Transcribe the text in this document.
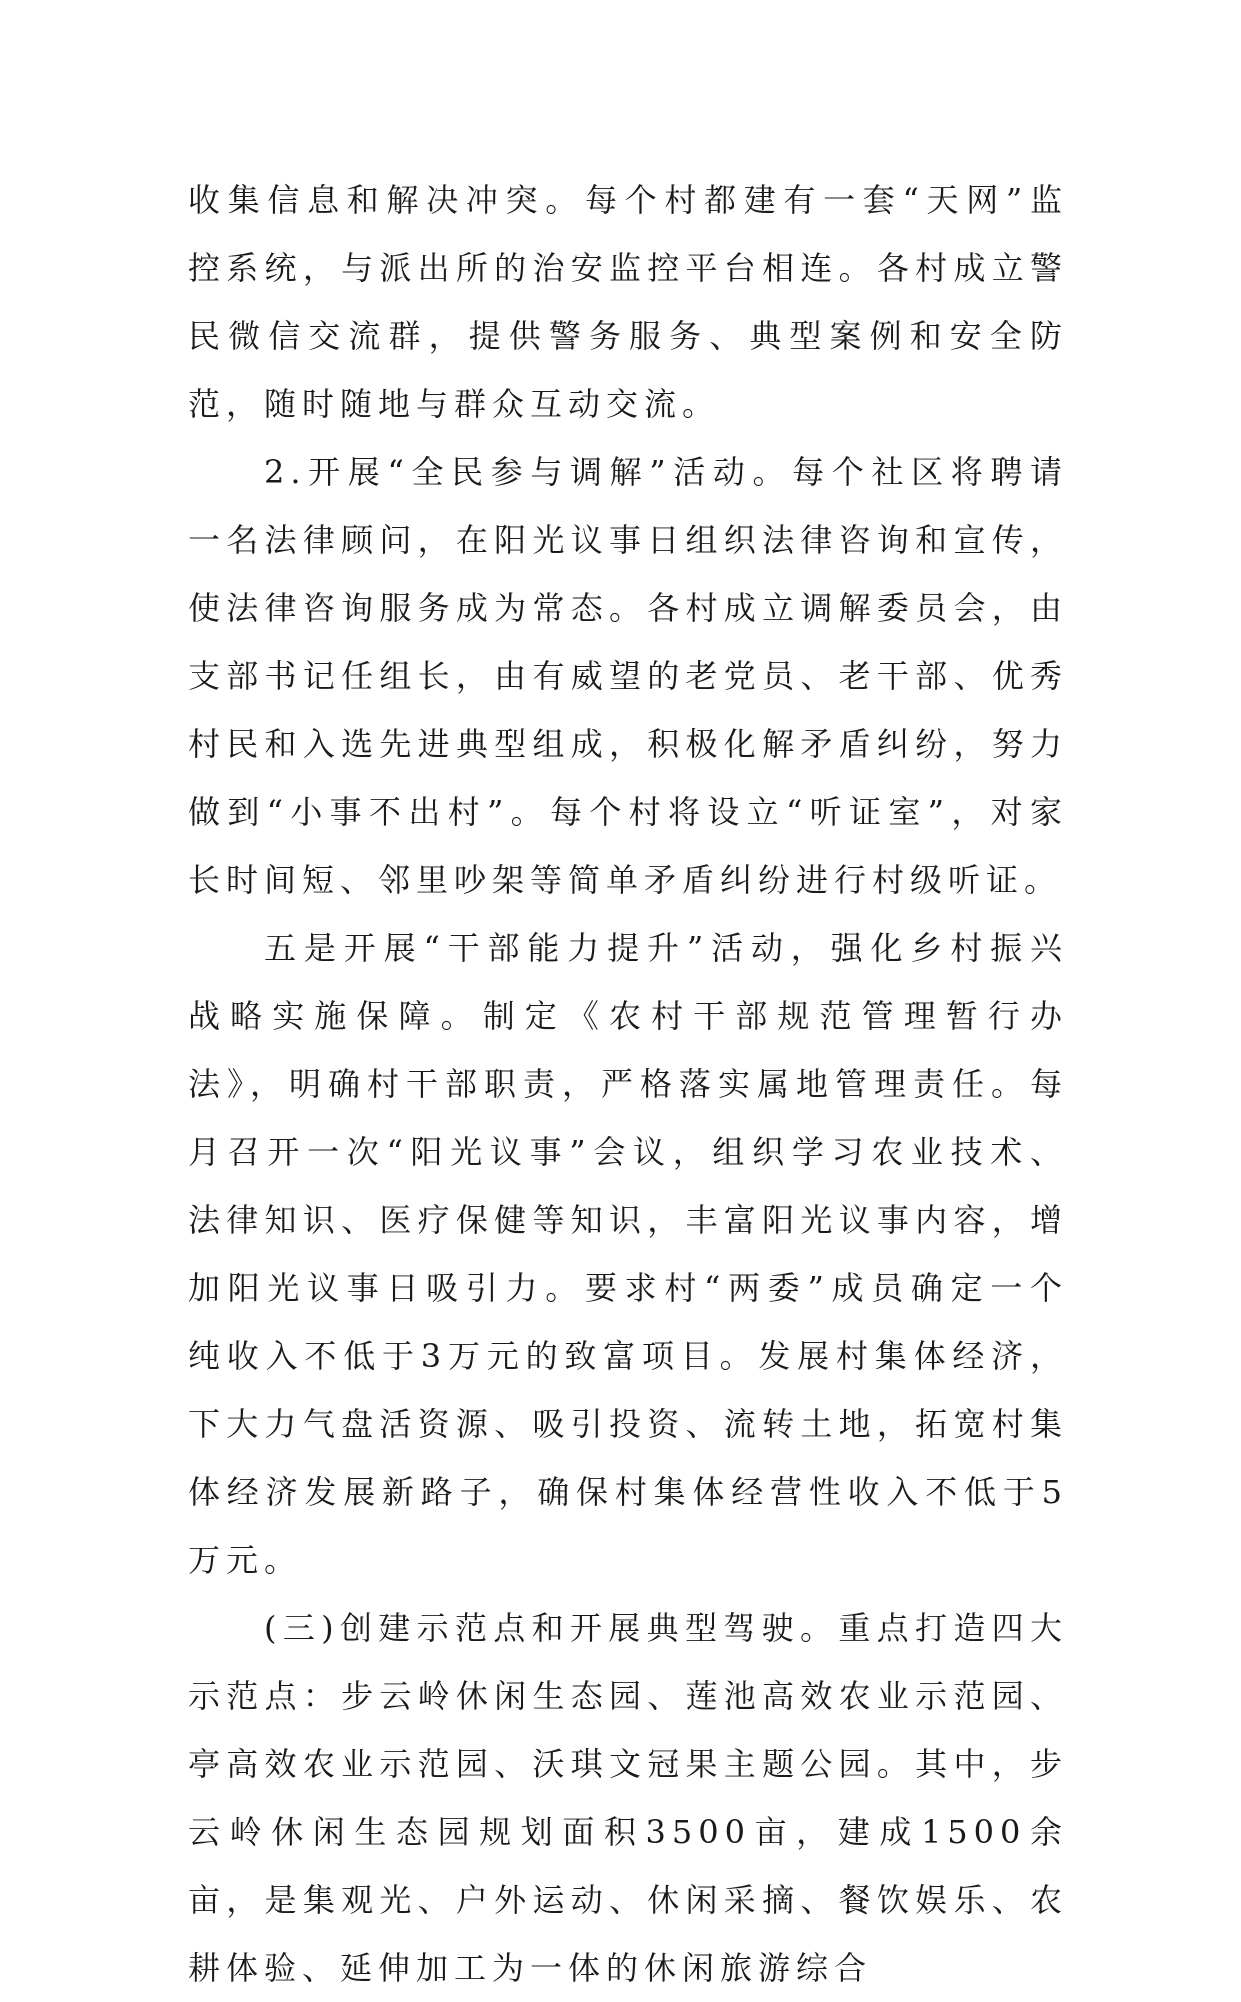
收集信息和解决冲突。每个村都建有一套“天网”监控系统，与派出所的治安监控平台相连。各村成立警民微信交流群，提供警务服务、典型案例和安全防范，随时随地与群众互动交流。

2.开展“全民参与调解”活动。每个社区将聘请一名法律顾问，在阳光议事日组织法律咨询和宣传，使法律咨询服务成为常态。各村成立调解委员会，由支部书记任组长，由有威望的老党员、老干部、优秀村民和入选先进典型组成，积极化解矛盾纠纷，努力做到“小事不出村”。每个村将设立“听证室”，对家长时间短、邻里吵架等简单矛盾纠纷进行村级听证。

五是开展“干部能力提升”活动，强化乡村振兴战略实施保障。制定《农村干部规范管理暂行办法》，明确村干部职责，严格落实属地管理责任。每月召开一次“阳光议事”会议，组织学习农业技术、法律知识、医疗保健等知识，丰富阳光议事内容，增加阳光议事日吸引力。要求村“两委”成员确定一个纯收入不低于3万元的致富项目。发展村集体经济，下大力气盘活资源、吸引投资、流转土地，拓宽村集体经济发展新路子，确保村集体经营性收入不低于5万元。

(三)创建示范点和开展典型驾驶。重点打造四大示范点：步云岭休闲生态园、莲池高效农业示范园、亭高效农业示范园、沃琪文冠果主题公园。其中，步云岭休闲生态园规划面积3500亩，建成1500余亩，是集观光、户外运动、休闲采摘、餐饮娱乐、农耕体验、延伸加工为一体的休闲旅游综合
